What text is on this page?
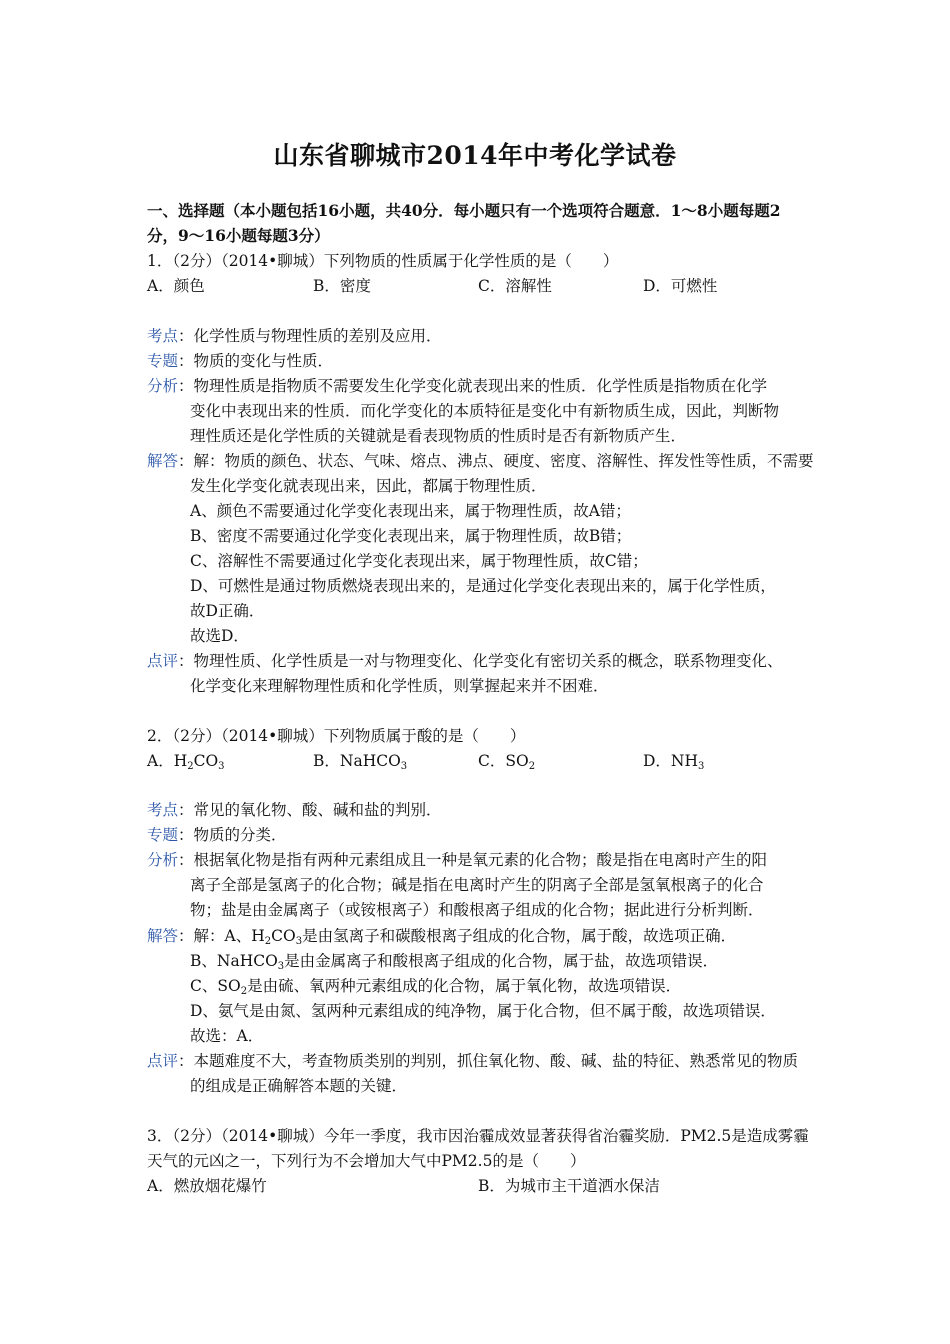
山东省聊城市2014年中考化学试卷
一、选择题（本小题包括16小题，共40分．每小题只有一个选项符合题意．1～8小题每题2
分，9～16小题每题3分）
1．（2分）（2014•聊城）下列物质的性质属于化学性质的是（　　）
A．颜色	B．密度	C．溶解性	D．可燃性
考点：化学性质与物理性质的差别及应用．
专题：物质的变化与性质．
分析：物理性质是指物质不需要发生化学变化就表现出来的性质．化学性质是指物质在化学
变化中表现出来的性质．而化学变化的本质特征是变化中有新物质生成，因此，判断物
理性质还是化学性质的关键就是看表现物质的性质时是否有新物质产生．
解答：解：物质的颜色、状态、气味、熔点、沸点、硬度、密度、溶解性、挥发性等性质，不需要
发生化学变化就表现出来，因此，都属于物理性质．
A、颜色不需要通过化学变化表现出来，属于物理性质，故A错；
B、密度不需要通过化学变化表现出来，属于物理性质，故B错；
C、溶解性不需要通过化学变化表现出来，属于物理性质，故C错；
D、可燃性是通过物质燃烧表现出来的，是通过化学变化表现出来的，属于化学性质，
故D正确．
故选D．
点评：物理性质、化学性质是一对与物理变化、化学变化有密切关系的概念，联系物理变化、
化学变化来理解物理性质和化学性质，则掌握起来并不困难．
2．（2分）（2014•聊城）下列物质属于酸的是（　　）
A．$H_2CO_3$	B．NaHCO$_3$	C．$SO_2$	D．$NH_3$
考点：常见的氧化物、酸、碱和盐的判别．
专题：物质的分类．
分析：根据氧化物是指有两种元素组成且一种是氧元素的化合物；酸是指在电离时产生的阳
离子全部是氢离子的化合物；碱是指在电离时产生的阴离子全部是氢氧根离子的化合
物；盐是由金属离子（或铵根离子）和酸根离子组成的化合物；据此进行分析判断．
解答：解：A、$H_2CO_3$是由氢离子和碳酸根离子组成的化合物，属于酸，故选项正确．
B、NaHCO$_3$是由金属离子和酸根离子组成的化合物，属于盐，故选项错误．
C、$SO_2$是由硫、氧两种元素组成的化合物，属于氧化物，故选项错误．
D、氨气是由氮、氢两种元素组成的纯净物，属于化合物，但不属于酸，故选项错误．
故选：A．
点评：本题难度不大，考查物质类别的判别，抓住氧化物、酸、碱、盐的特征、熟悉常见的物质
的组成是正确解答本题的关键．
3．（2分）（2014•聊城）今年一季度，我市因治霾成效显著获得省治霾奖励．PM2.5是造成雾霾
天气的元凶之一，下列行为不会增加大气中PM2.5的是（　　）
A．燃放烟花爆竹	B．为城市主干道洒水保洁
